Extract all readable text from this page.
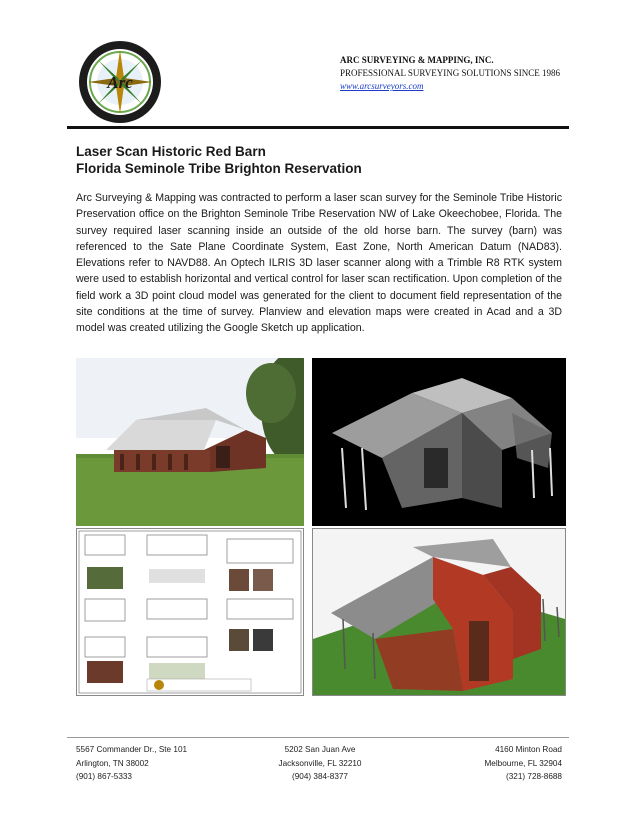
Arc
ARC SURVEYING & MAPPING, INC.
PROFESSIONAL SURVEYING SOLUTIONS SINCE 1986
www.arcsurveyors.com
Laser Scan Historic Red Barn
Florida Seminole Tribe Brighton Reservation
Arc Surveying & Mapping was contracted to perform a laser scan survey for the Seminole Tribe Historic Preservation office on the Brighton Seminole Tribe Reservation NW of Lake Okeechobee, Florida. The survey required laser scanning inside an outside of the old horse barn. The survey (barn) was referenced to the Sate Plane Coordinate System, East Zone, North American Datum (NAD83). Elevations refer to NAVD88. An Optech ILRIS 3D laser scanner along with a Trimble R8 RTK system were used to establish horizontal and vertical control for laser scan rectification. Upon completion of the field work a 3D point cloud model was generated for the client to document field representation of the site conditions at the time of survey. Planview and elevation maps were created in Acad and a 3D model was created utilizing the Google Sketch up application.
5567 Commander Dr., Ste 101
Arlington, TN 38002
(901) 867-5333
5202 San Juan Ave
Jacksonville, FL 32210
(904) 384-8377
4160 Minton Road
Melbourne, FL 32904
(321) 728-8688
